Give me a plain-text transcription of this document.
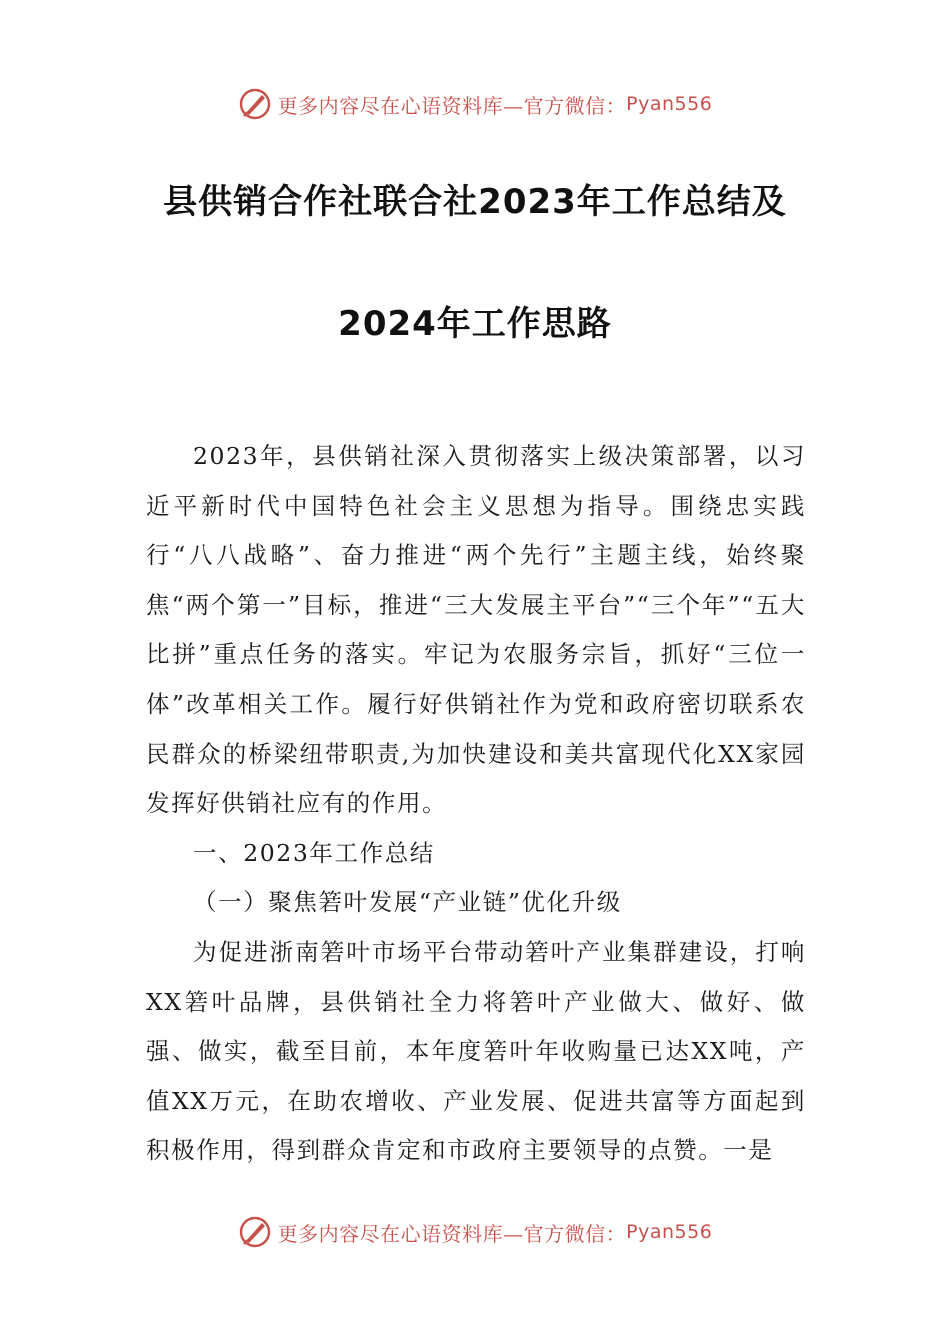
更多内容尽在心语资料库—官方微信： Pyan556
县供销合作社联合社2023年工作总结及
2024年工作思路

2023年，县供销社深入贯彻落实上级决策部署，以习近平新时代中国特色社会主义思想为指导。围绕忠实践行“八八战略”、奋力推进“两个先行”主题主线，始终聚焦“两个第一”目标，推进“三大发展主平台”“三个年”“五大比拼”重点任务的落实。牢记为农服务宗旨，抓好“三位一体”改革相关工作。履行好供销社作为党和政府密切联系农民群众的桥梁纽带职责,为加快建设和美共富现代化XX家园发挥好供销社应有的作用。

一、2023年工作总结

（一）聚焦箬叶发展“产业链”优化升级

为促进浙南箬叶市场平台带动箬叶产业集群建设，打响XX箬叶品牌，县供销社全力将箬叶产业做大、做好、做强、做实，截至目前，本年度箬叶年收购量已达XX吨，产值XX万元，在助农增收、产业发展、促进共富等方面起到积极作用，得到群众肯定和市政府主要领导的点赞。一是

更多内容尽在心语资料库—官方微信： Pyan556
